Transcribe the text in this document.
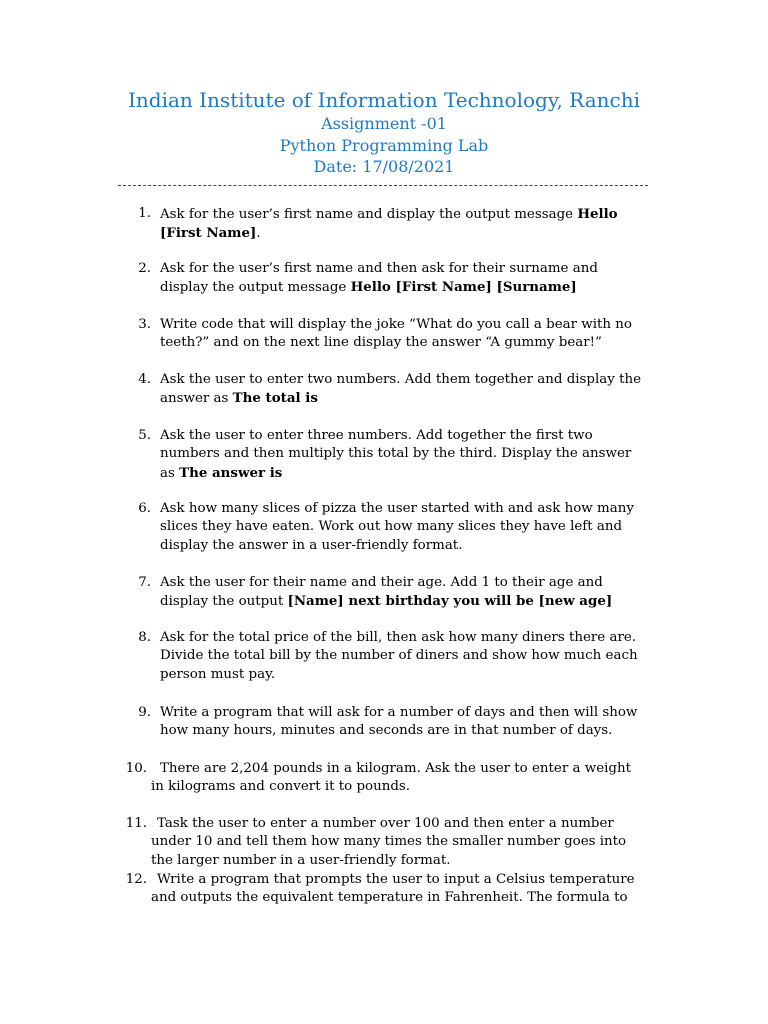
Indian Institute of Information Technology, Ranchi
Assignment -01
Python Programming Lab
Date: 17/08/2021
1. Ask for the user’s first name and display the output message Hello
[First Name].
2. Ask for the user’s first name and then ask for their surname and
display the output message Hello [First Name] [Surname]
3. Write code that will display the joke “What do you call a bear with no
teeth?” and on the next line display the answer “A gummy bear!”
4. Ask the user to enter two numbers. Add them together and display the
answer as The total is
5. Ask the user to enter three numbers. Add together the first two
numbers and then multiply this total by the third. Display the answer
as The answer is
6. Ask how many slices of pizza the user started with and ask how many
slices they have eaten. Work out how many slices they have left and
display the answer in a user-friendly format.
7. Ask the user for their name and their age. Add 1 to their age and
display the output [Name] next birthday you will be [new age]
8. Ask for the total price of the bill, then ask how many diners there are.
Divide the total bill by the number of diners and show how much each
person must pay.
9. Write a program that will ask for a number of days and then will show
how many hours, minutes and seconds are in that number of days.
10. There are 2,204 pounds in a kilogram. Ask the user to enter a weight
in kilograms and convert it to pounds.
11. Task the user to enter a number over 100 and then enter a number
under 10 and tell them how many times the smaller number goes into
the larger number in a user-friendly format.
12. Write a program that prompts the user to input a Celsius temperature
and outputs the equivalent temperature in Fahrenheit. The formula to
